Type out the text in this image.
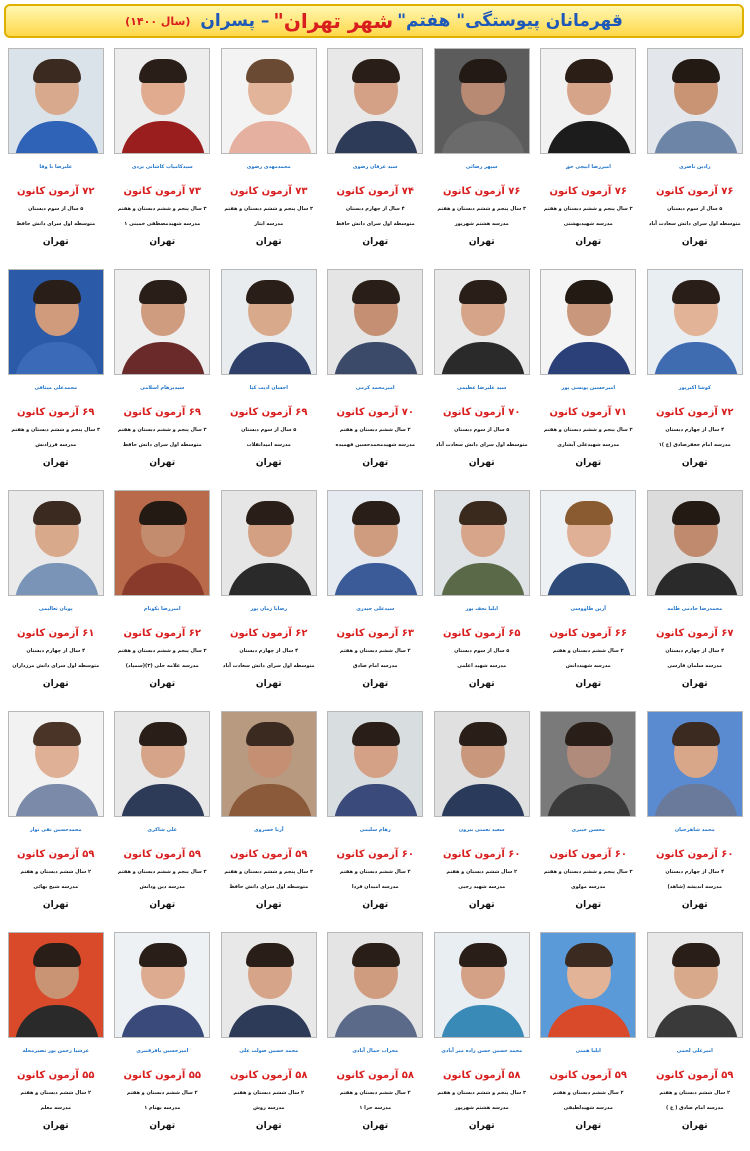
قهرمانان پیوستگی" هفتم"
شهر تهران"
– پسران
(سال ۱۴۰۰)
رادین ناصری
۷۶ آزمون کانون
۵ سال از سوم دبستان
متوسطه اول سرای دانش سعادت آباد
تهران
امیررضا ایپچی حق
۷۶ آزمون کانون
۳ سال پنجم و ششم دبستان و هفتم
مدرسه شهیدبهشتی
تهران
سپهر رضائی
۷۶ آزمون کانون
۳ سال پنجم و ششم دبستان و هفتم
مدرسه هشتم شهریور
تهران
سید عرفان رضوی
۷۴ آزمون کانون
۴ سال از چهارم دبستان
متوسطه اول سرای دانش حافظ
تهران
محمدمهدی رضوی
۷۳ آزمون کانون
۳ سال پنجم و ششم دبستان و هفتم
مدرسه ایثار
تهران
سیدکامیاب کاشانی یزدی
۷۳ آزمون کانون
۳ سال پنجم و ششم دبستان و هفتم
مدرسه شهیدمصطفی خمینی ۱
تهران
علیرضا با وفا
۷۲ آزمون کانون
۵ سال از سوم دبستان
متوسطه اول سرای دانش حافظ
تهران
کوشا اکبرپور
۷۲ آزمون کانون
۴ سال از چهارم دبستان
مدرسه امام جعفرصادق (ع )۱
تهران
امیرحسین یونسی پور
۷۱ آزمون کانون
۳ سال پنجم و ششم دبستان و هفتم
مدرسه شهیدعلی آبشاری
تهران
سید علیرضا عظیمی
۷۰ آزمون کانون
۵ سال از سوم دبستان
متوسطه اول سرای دانش سعادت آباد
تهران
امیرمحمد کرمی
۷۰ آزمون کانون
۲ سال ششم دبستان و هفتم
مدرسه شهیدمحمدحسین فهمیده
تهران
احسان ادیب کیا
۶۹ آزمون کانون
۵ سال از سوم دبستان
مدرسه امیدانقلاب
تهران
سیدپرهام اسلامی
۶۹ آزمون کانون
۳ سال پنجم و ششم دبستان و هفتم
متوسطه اول سرای دانش حافظ
تهران
محمدعلی میثاقی
۶۹ آزمون کانون
۳ سال پنجم و ششم دبستان و هفتم
مدرسه فرزادنش
تهران
محمدرضا خادمی طامه
۶۷ آزمون کانون
۴ سال از چهارم دبستان
مدرسه سلمان فارسی
تهران
آرین طاووسی
۶۶ آزمون کانون
۲ سال ششم دبستان و هفتم
مدرسه شهیددانش
تهران
ایلیا نجف پور
۶۵ آزمون کانون
۵ سال از سوم دبستان
مدرسه شهید اعلمی
تهران
سیدعلی حیدری
۶۳ آزمون کانون
۲ سال ششم دبستان و هفتم
مدرسه امام صادق
تهران
رضایا زمان پور
۶۲ آزمون کانون
۴ سال از چهارم دبستان
متوسطه اول سرای دانش سعادت آباد
تهران
امیررضا نکونام
۶۲ آزمون کانون
۳ سال پنجم و ششم دبستان و هفتم
مدرسه علامه حلی (۳)(سمپاد)
تهران
پویان تعالیمی
۶۱ آزمون کانون
۴ سال از چهارم دبستان
متوسطه اول سرای دانش مرزداران
تهران
محمد شاهرخیان
۶۰ آزمون کانون
۴ سال از چهارم دبستان
مدرسه اندیشه (شاهد)
تهران
محسن خبیری
۶۰ آزمون کانون
۳ سال پنجم و ششم دبستان و هفتم
مدرسه مولوی
تهران
سعید نعمتی بیرون
۶۰ آزمون کانون
۲ سال ششم دبستان و هفتم
مدرسه شهید رجبی
تهران
رهام سلیمی
۶۰ آزمون کانون
۲ سال ششم دبستان و هفتم
مدرسه امیدان فردا
تهران
آریا خسروی
۵۹ آزمون کانون
۳ سال پنجم و ششم دبستان و هفتم
متوسطه اول سرای دانش حافظ
تهران
علی شاکری
۵۹ آزمون کانون
۳ سال پنجم و ششم دبستان و هفتم
مدرسه دین ودانش
تهران
محمدحسین تقی نوار
۵۹ آزمون کانون
۲ سال ششم دبستان و هفتم
مدرسه شیخ بهائی
تهران
امیرعلی لحمی
۵۹ آزمون کانون
۲ سال ششم دبستان و هفتم
مدرسه امام صادق ( ع )
تهران
ایلیا همتی
۵۹ آزمون کانون
۲ سال ششم دبستان و هفتم
مدرسه شهیدلطیفی
تهران
محمد حسین حسن زاده میر آبادی
۵۸ آزمون کانون
۳ سال پنجم و ششم دبستان و هفتم
مدرسه هشتم شهریور
تهران
محراب جمال آبادی
۵۸ آزمون کانون
۲ سال ششم دبستان و هفتم
مدرسه حرا ۱
تهران
محمد حسین صولت علی
۵۸ آزمون کانون
۲ سال ششم دبستان و هفتم
مدرسه روش
تهران
امیرحسین باقرقنبری
۵۵ آزمون کانون
۲ سال ششم دبستان و هفتم
مدرسه بهنام ۱
تهران
عرشیا رحمن پور نصیرمحله
۵۵ آزمون کانون
۲ سال ششم دبستان و هفتم
مدرسه معلم
تهران
